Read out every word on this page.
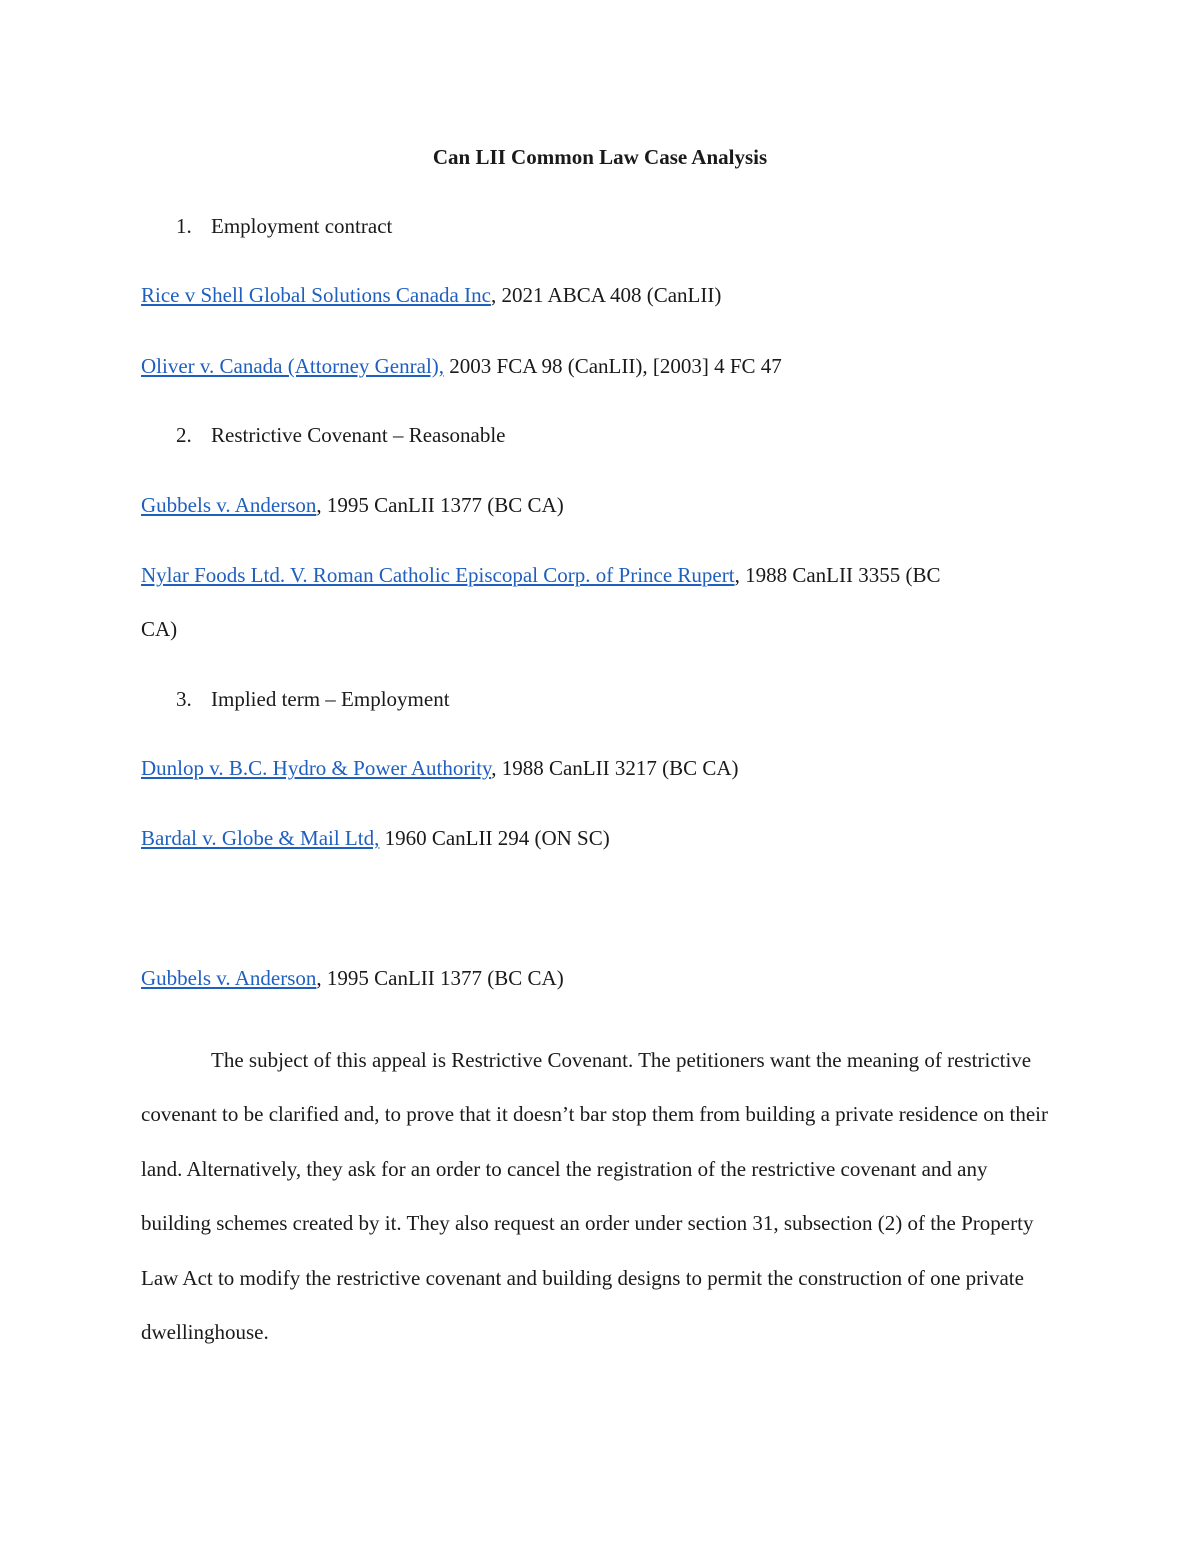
Can LII Common Law Case Analysis
1. Employment contract
Rice v Shell Global Solutions Canada Inc, 2021 ABCA 408 (CanLII)
Oliver v. Canada (Attorney Genral), 2003 FCA 98 (CanLII), [2003] 4 FC 47
2. Restrictive Covenant – Reasonable
Gubbels v. Anderson, 1995 CanLII 1377 (BC CA)
Nylar Foods Ltd. V. Roman Catholic Episcopal Corp. of Prince Rupert, 1988 CanLII 3355 (BC
CA)
3. Implied term – Employment
Dunlop v. B.C. Hydro & Power Authority, 1988 CanLII 3217 (BC CA)
Bardal v. Globe & Mail Ltd, 1960 CanLII 294 (ON SC)
Gubbels v. Anderson, 1995 CanLII 1377 (BC CA)
The subject of this appeal is Restrictive Covenant. The petitioners want the meaning of restrictive covenant to be clarified and, to prove that it doesn’t bar stop them from building a private residence on their land. Alternatively, they ask for an order to cancel the registration of the restrictive covenant and any building schemes created by it. They also request an order under section 31, subsection (2) of the Property Law Act to modify the restrictive covenant and building designs to permit the construction of one private dwellinghouse.
